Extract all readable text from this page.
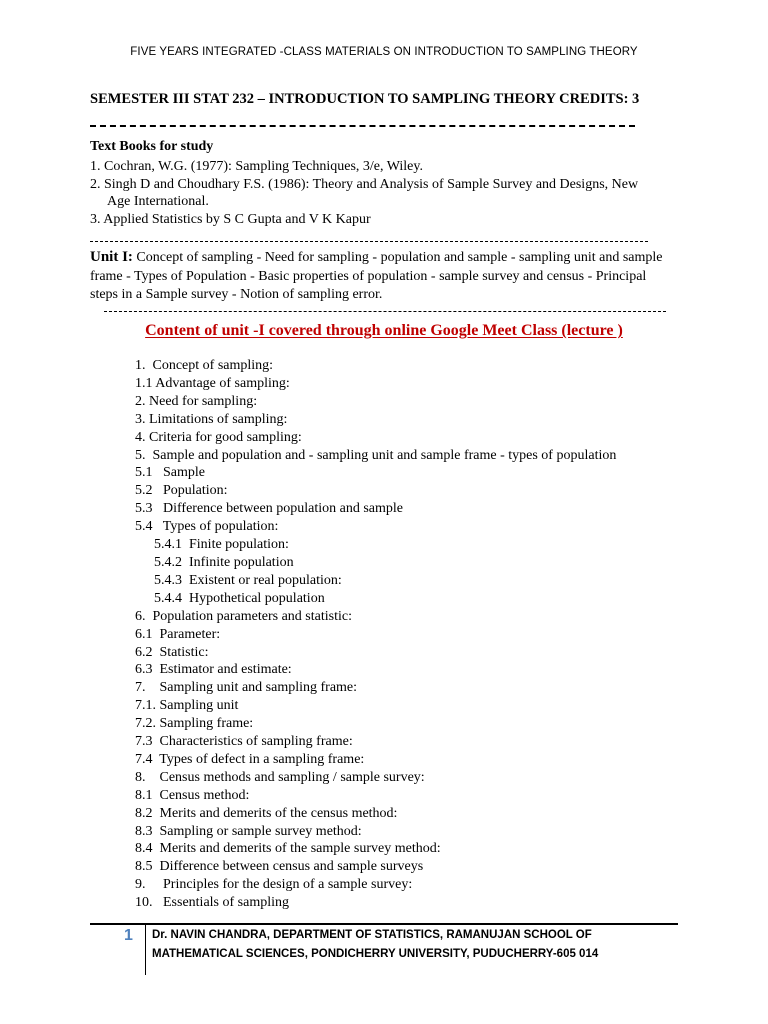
FIVE YEARS INTEGRATED -CLASS MATERIALS ON INTRODUCTION TO SAMPLING THEORY
SEMESTER III STAT 232 – INTRODUCTION TO SAMPLING THEORY CREDITS: 3
Text Books for study
1. Cochran, W.G. (1977): Sampling Techniques, 3/e, Wiley.
2. Singh D and Choudhary F.S. (1986): Theory and Analysis of Sample Survey and Designs, New
Age International.
3. Applied Statistics by S C Gupta and V K Kapur
Unit I: Concept of sampling - Need for sampling - population and sample - sampling unit and sample frame - Types of Population - Basic properties of population - sample survey and census - Principal steps in a Sample survey - Notion of sampling error.
Content of unit -I covered through online Google Meet Class (lecture )
1.  Concept of sampling:
1.1 Advantage of sampling:
2. Need for sampling:
3. Limitations of sampling:
4. Criteria for good sampling:
5.  Sample and population and - sampling unit and sample frame - types of population
5.1   Sample
5.2   Population:
5.3   Difference between population and sample
5.4   Types of population:
5.4.1  Finite population:
5.4.2  Infinite population
5.4.3  Existent or real population:
5.4.4  Hypothetical population
6.  Population parameters and statistic:
6.1  Parameter:
6.2  Statistic:
6.3  Estimator and estimate:
7.    Sampling unit and sampling frame:
7.1. Sampling unit
7.2. Sampling frame:
7.3  Characteristics of sampling frame:
7.4  Types of defect in a sampling frame:
8.    Census methods and sampling / sample survey:
8.1  Census method:
8.2  Merits and demerits of the census method:
8.3  Sampling or sample survey method:
8.4  Merits and demerits of the sample survey method:
8.5  Difference between census and sample surveys
9.     Principles for the design of a sample survey:
10.   Essentials of sampling
1 Dr. NAVIN CHANDRA, DEPARTMENT OF STATISTICS, RAMANUJAN SCHOOL OF
MATHEMATICAL SCIENCES, PONDICHERRY UNIVERSITY, PUDUCHERRY-605 014
